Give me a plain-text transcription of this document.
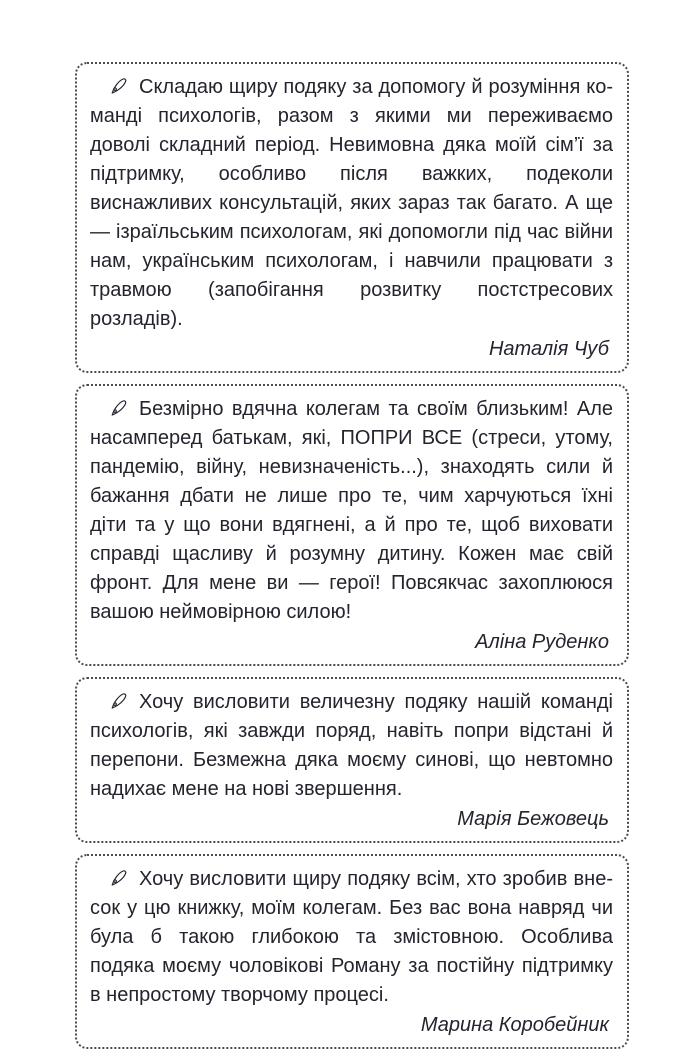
Складаю щиру подяку за допомогу й розуміння команді психологів, разом з якими ми переживаємо доволі складний період. Невимовна дяка моїй сім’ї за підтримку, особливо після важких, подеколи виснажливих консультацій, яких зараз так багато. А ще — ізраїльським психологам, які допомогли під час війни нам, українським психологам, і навчили працювати з травмою (запобігання розвитку постстресових розладів).

Наталія Чуб

Безмірно вдячна колегам та своїм близьким! Але насамперед батькам, які, ПОПРИ ВСЕ (стреси, утому, пандемію, війну, невизначеність...), знаходять сили й бажання дбати не лише про те, чим харчуються їхні діти та у що вони вдягнені, а й про те, щоб виховати справді щасливу й розумну дитину. Кожен має свій фронт. Для мене ви — герої! Повсякчас захоплююся вашою неймовірною силою!

Аліна Руденко

Хочу висловити величезну подяку нашій команді психологів, які завжди поряд, навіть попри відстані й перепони. Безмежна дяка моєму синові, що невтомно надихає мене на нові звершення.

Марія Бежовець

Хочу висловити щиру подяку всім, хто зробив внесок у цю книжку, моїм колегам. Без вас вона навряд чи була б такою глибокою та змістовною. Особлива подяка моєму чоловікові Роману за постійну підтримку в непростому творчому процесі.

Марина Коробейник
